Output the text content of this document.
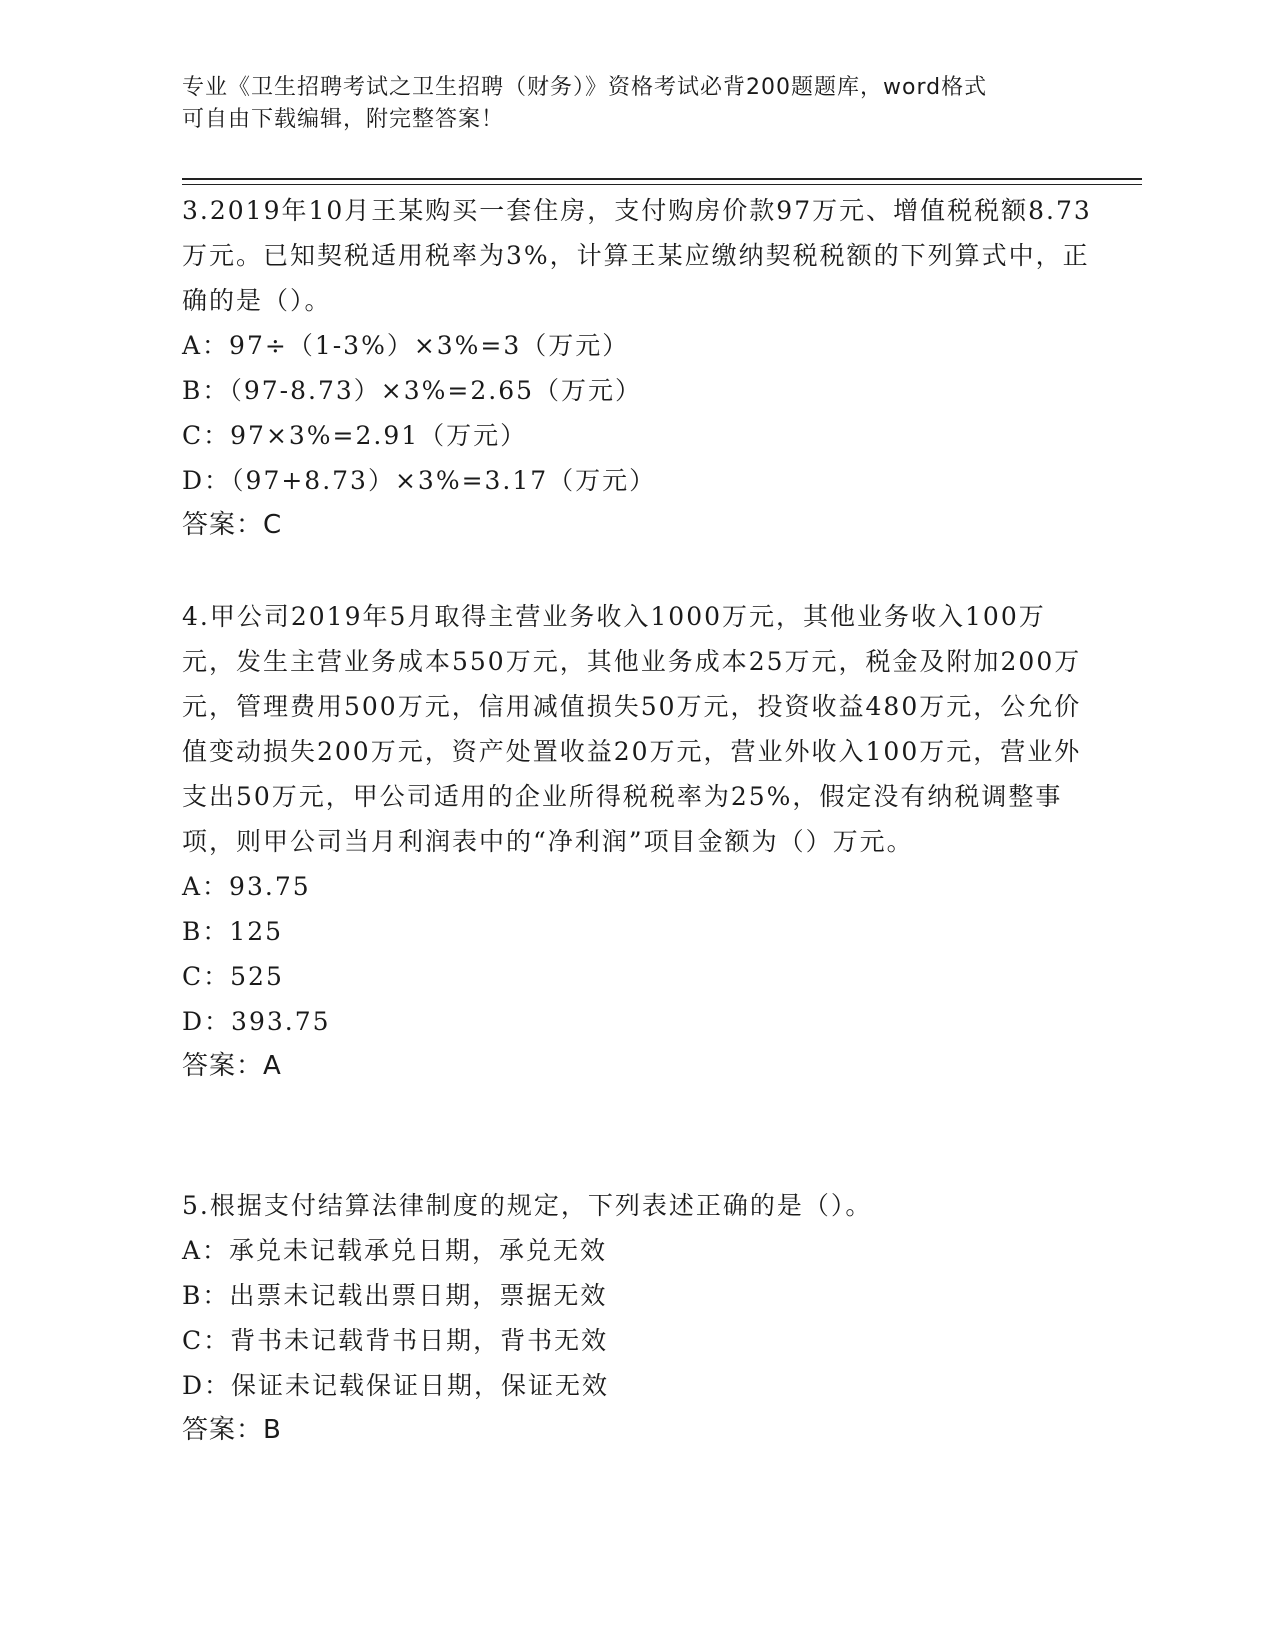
专业《卫生招聘考试之卫生招聘（财务）》资格考试必背200题题库，word格式
可自由下载编辑，附完整答案！

3.2019年10月王某购买一套住房，支付购房价款97万元、增值税税额8.73万元。已知契税适用税率为3%，计算王某应缴纳契税税额的下列算式中，正确的是（）。

A：97÷（1-3%）×3%=3（万元）

B：（97-8.73）×3%=2.65（万元）

C：97×3%=2.91（万元）

D：（97+8.73）×3%=3.17（万元）

答案：C

4.甲公司2019年5月取得主营业务收入1000万元，其他业务收入100万元，发生主营业务成本550万元，其他业务成本25万元，税金及附加200万元，管理费用500万元，信用减值损失50万元，投资收益480万元，公允价值变动损失200万元，资产处置收益20万元，营业外收入100万元，营业外支出50万元，甲公司适用的企业所得税税率为25%，假定没有纳税调整事项，则甲公司当月利润表中的“净利润”项目金额为（）万元。

A：93.75

B：125

C：525

D：393.75

答案：A

5.根据支付结算法律制度的规定，下列表述正确的是（）。

A：承兑未记载承兑日期，承兑无效

B：出票未记载出票日期，票据无效

C：背书未记载背书日期，背书无效

D：保证未记载保证日期，保证无效

答案：B
